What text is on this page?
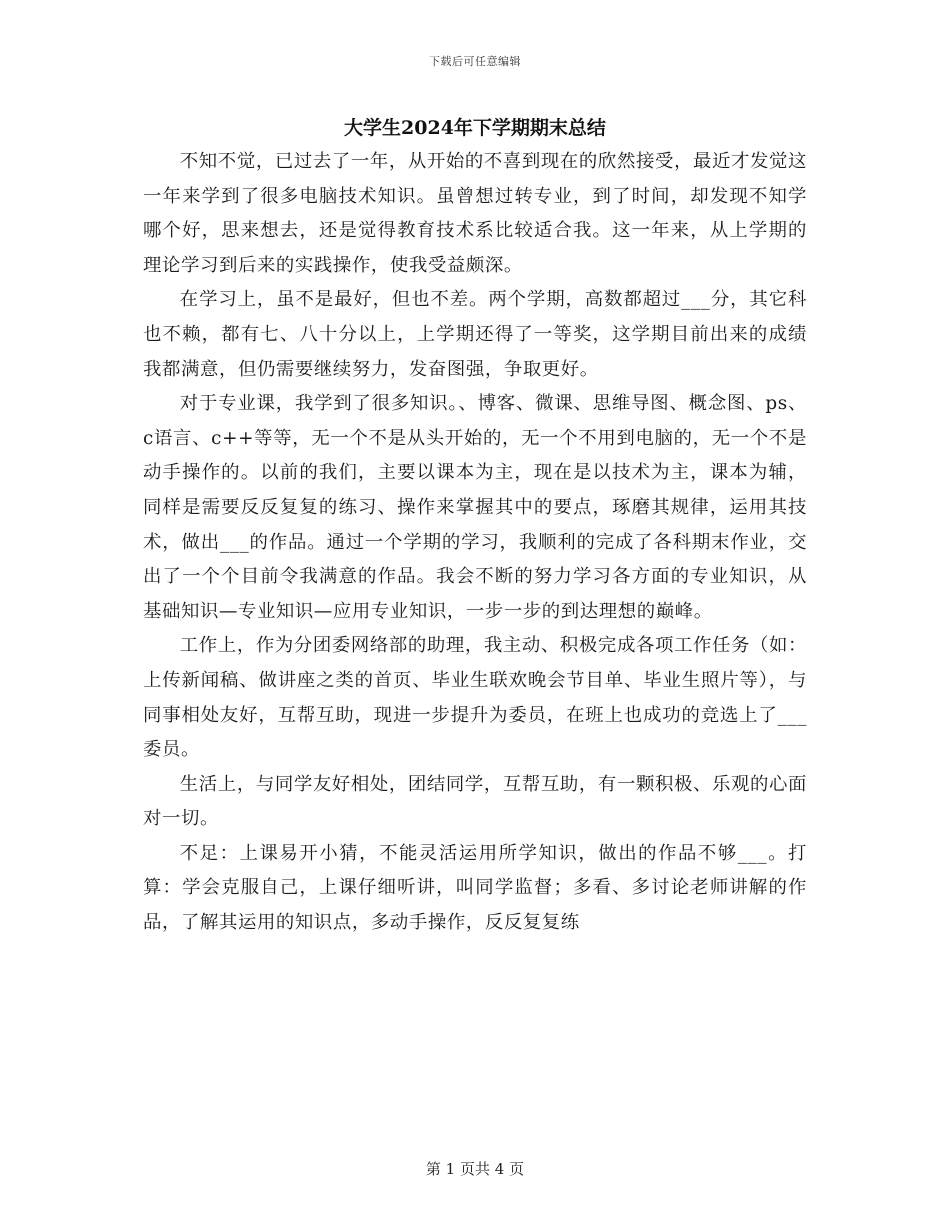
下载后可任意编辑
大学生2024年下学期期末总结

不知不觉，已过去了一年，从开始的不喜到现在的欣然接受，最近才发觉这一年来学到了很多电脑技术知识。虽曾想过转专业，到了时间，却发现不知学哪个好，思来想去，还是觉得教育技术系比较适合我。这一年来，从上学期的理论学习到后来的实践操作，使我受益颇深。

在学习上，虽不是最好，但也不差。两个学期，高数都超过___分，其它科也不赖，都有七、八十分以上，上学期还得了一等奖，这学期目前出来的成绩我都满意，但仍需要继续努力，发奋图强，争取更好。

对于专业课，我学到了很多知识。、博客、微课、思维导图、概念图、ps、c语言、c++等等，无一个不是从头开始的，无一个不用到电脑的，无一个不是动手操作的。以前的我们，主要以课本为主，现在是以技术为主，课本为辅，同样是需要反反复复的练习、操作来掌握其中的要点，琢磨其规律，运用其技术，做出___的作品。通过一个学期的学习，我顺利的完成了各科期末作业，交出了一个个目前令我满意的作品。我会不断的努力学习各方面的专业知识，从基础知识—专业知识—应用专业知识，一步一步的到达理想的巅峰。

工作上，作为分团委网络部的助理，我主动、积极完成各项工作任务（如：上传新闻稿、做讲座之类的首页、毕业生联欢晚会节目单、毕业生照片等），与同事相处友好，互帮互助，现进一步提升为委员，在班上也成功的竞选上了___委员。

生活上，与同学友好相处，团结同学，互帮互助，有一颗积极、乐观的心面对一切。

不足：上课易开小猜，不能灵活运用所学知识，做出的作品不够___。打算：学会克服自己，上课仔细听讲，叫同学监督；多看、多讨论老师讲解的作品，了解其运用的知识点，多动手操作，反反复复练

第 1 页共 4 页
